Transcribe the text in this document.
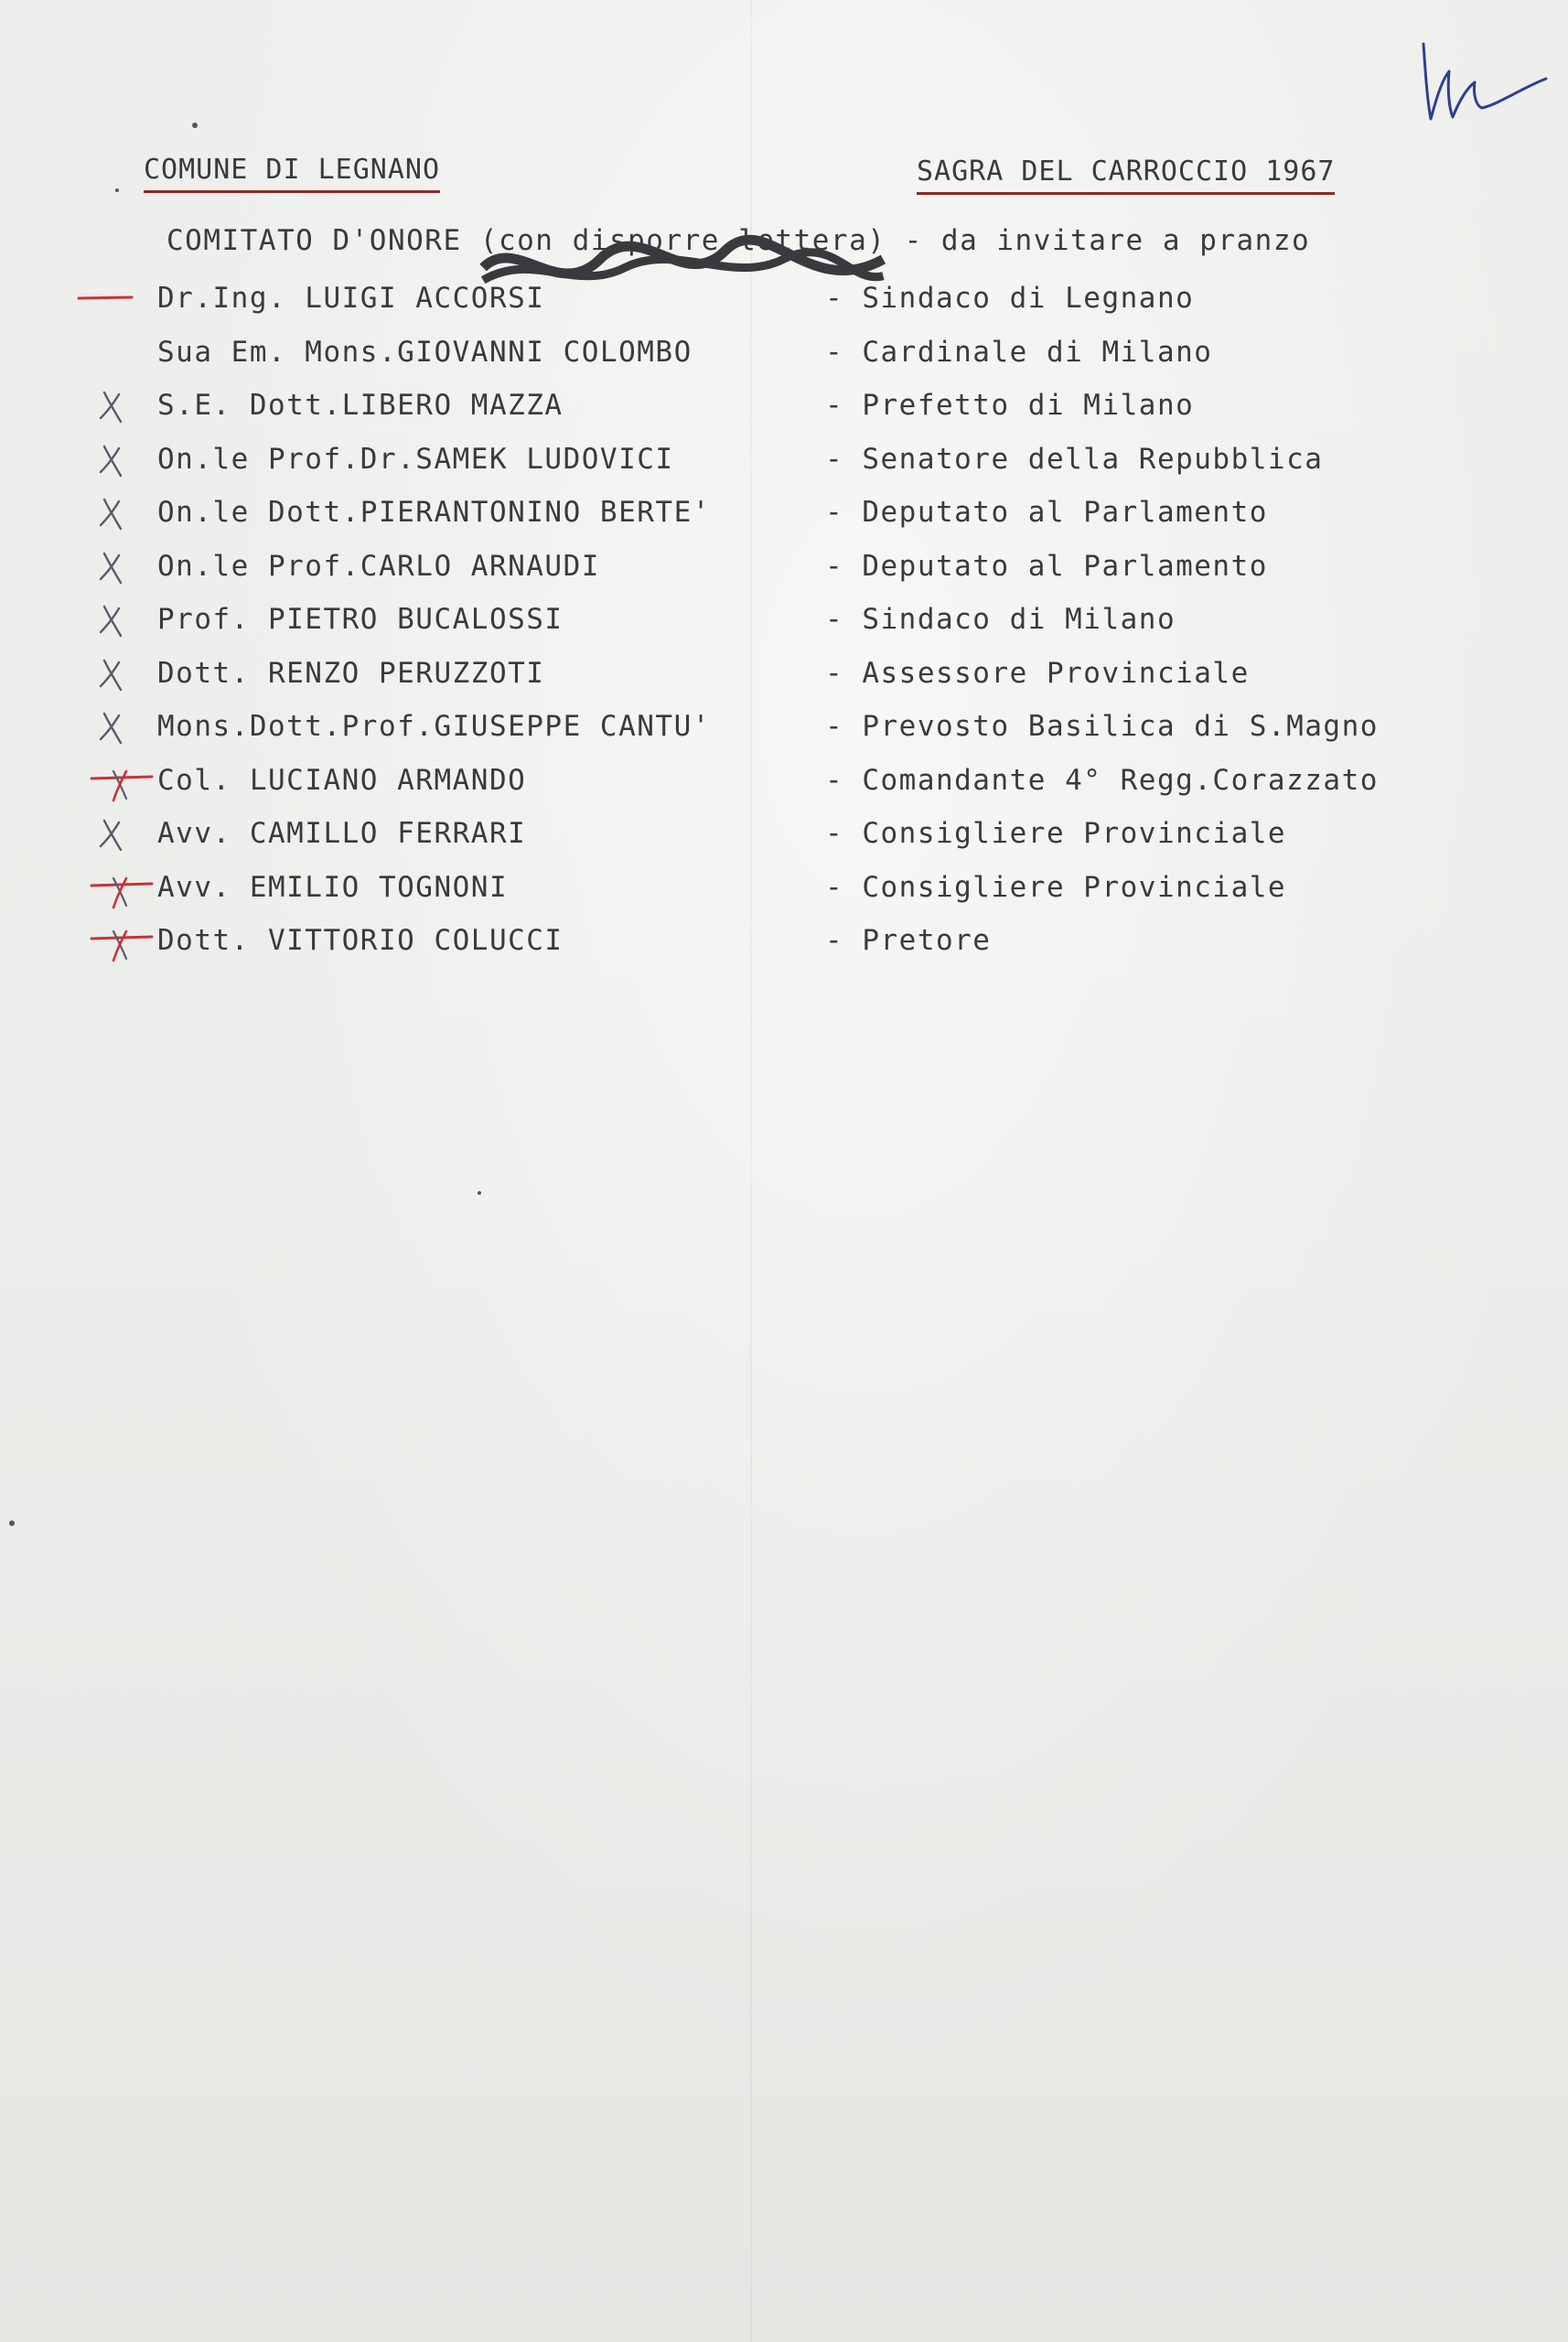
COMUNE DI LEGNANO	SAGRA DEL CARROCCIO 1967
COMITATO D'ONORE (con disporre lettera) - da invitare a pranzo
Dr.Ing. LUIGI ACCORSI	- Sindaco di Legnano
Sua Em. Mons.GIOVANNI COLOMBO	- Cardinale di Milano
S.E. Dott.LIBERO MAZZA	- Prefetto di Milano
On.le Prof.Dr.SAMEK LUDOVICI	- Senatore della Repubblica
On.le Dott.PIERANTONINO BERTE'	- Deputato al Parlamento
On.le Prof.CARLO ARNAUDI	- Deputato al Parlamento
Prof. PIETRO BUCALOSSI	- Sindaco di Milano
Dott. RENZO PERUZZOTI	- Assessore Provinciale
Mons.Dott.Prof.GIUSEPPE CANTU'	- Prevosto Basilica di S.Magno
Col. LUCIANO ARMANDO	- Comandante 4° Regg.Corazzato
Avv. CAMILLO FERRARI	- Consigliere Provinciale
Avv. EMILIO TOGNONI	- Consigliere Provinciale
Dott. VITTORIO COLUCCI	- Pretore
